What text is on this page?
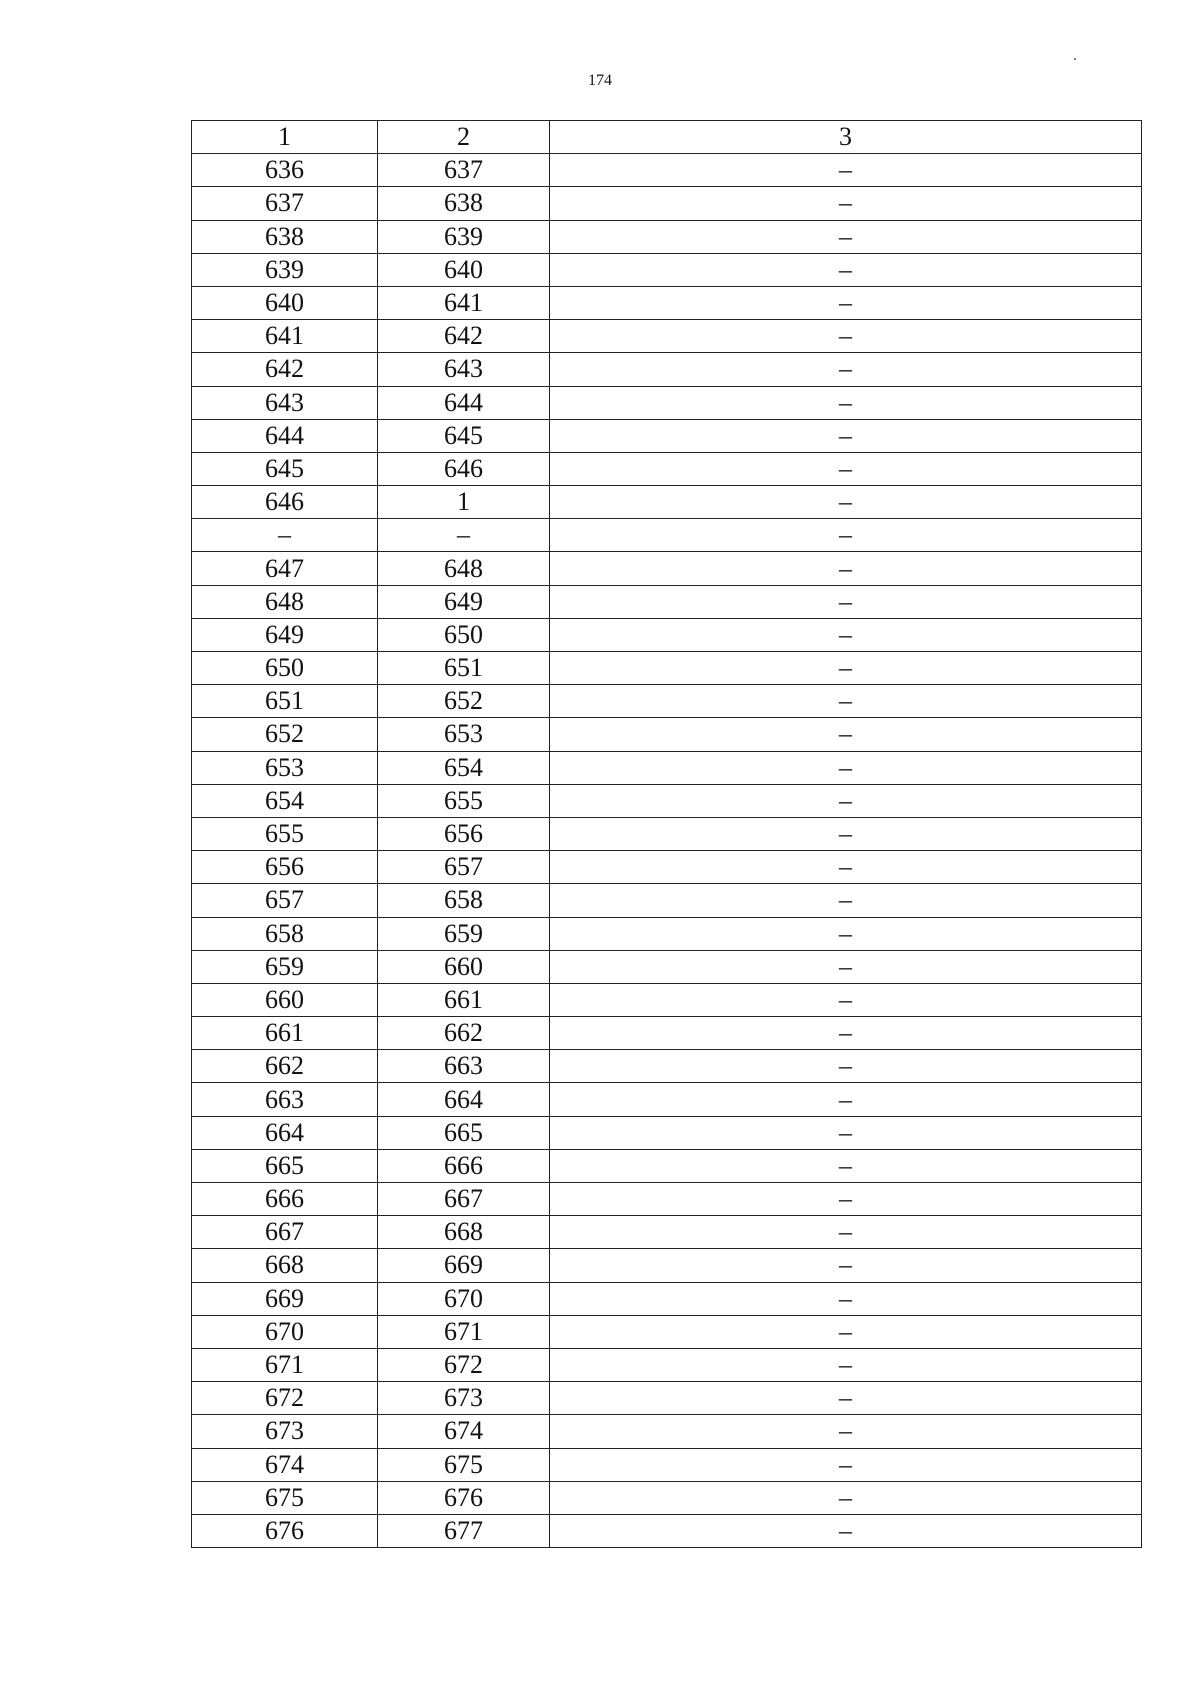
174
1	2	3
636	637	–
637	638	–
638	639	–
639	640	–
640	641	–
641	642	–
642	643	–
643	644	–
644	645	–
645	646	–
646	1	–
–	–	–
647	648	–
648	649	–
649	650	–
650	651	–
651	652	–
652	653	–
653	654	–
654	655	–
655	656	–
656	657	–
657	658	–
658	659	–
659	660	–
660	661	–
661	662	–
662	663	–
663	664	–
664	665	–
665	666	–
666	667	–
667	668	–
668	669	–
669	670	–
670	671	–
671	672	–
672	673	–
673	674	–
674	675	–
675	676	–
676	677	–
